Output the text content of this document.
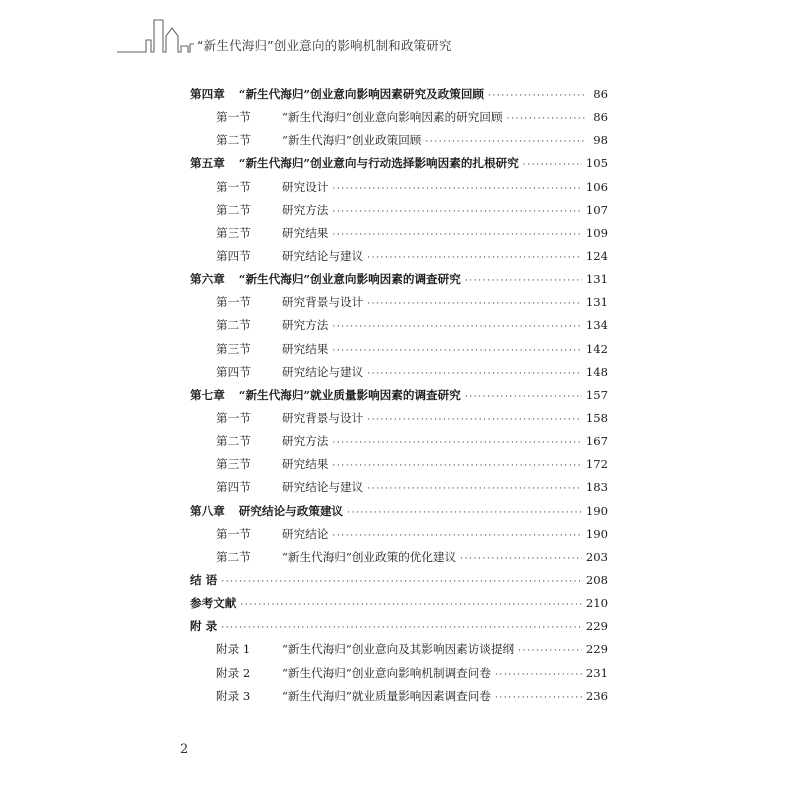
“新生代海归”创业意向的影响机制和政策研究
第四章 “新生代海归”创业意向影响因素研究及政策回顾 ·····	86
第一节	“新生代海归”创业意向影响因素的研究回顾 ·····	86
第二节	“新生代海归”创业政策回顾 ·····	98
第五章 “新生代海归”创业意向与行动选择影响因素的扎根研究 ·····	105
第一节	研究设计 ·····	106
第二节	研究方法 ·····	107
第三节	研究结果 ·····	109
第四节	研究结论与建议 ·····	124
第六章 “新生代海归”创业意向影响因素的调查研究 ·····	131
第一节	研究背景与设计 ·····	131
第二节	研究方法 ·····	134
第三节	研究结果 ·····	142
第四节	研究结论与建议 ·····	148
第七章 “新生代海归”就业质量影响因素的调查研究 ·····	157
第一节	研究背景与设计 ·····	158
第二节	研究方法 ·····	167
第三节	研究结果 ·····	172
第四节	研究结论与建议 ·····	183
第八章 研究结论与政策建议 ·····	190
第一节	研究结论 ·····	190
第二节	“新生代海归”创业政策的优化建议 ·····	203
结 语 ·····	208
参考文献 ·····	210
附 录 ·····	229
附录 1	“新生代海归”创业意向及其影响因素访谈提纲 ·····	229
附录 2	“新生代海归”创业意向影响机制调查问卷 ·····	231
附录 3	“新生代海归”就业质量影响因素调查问卷 ·····	236
2
